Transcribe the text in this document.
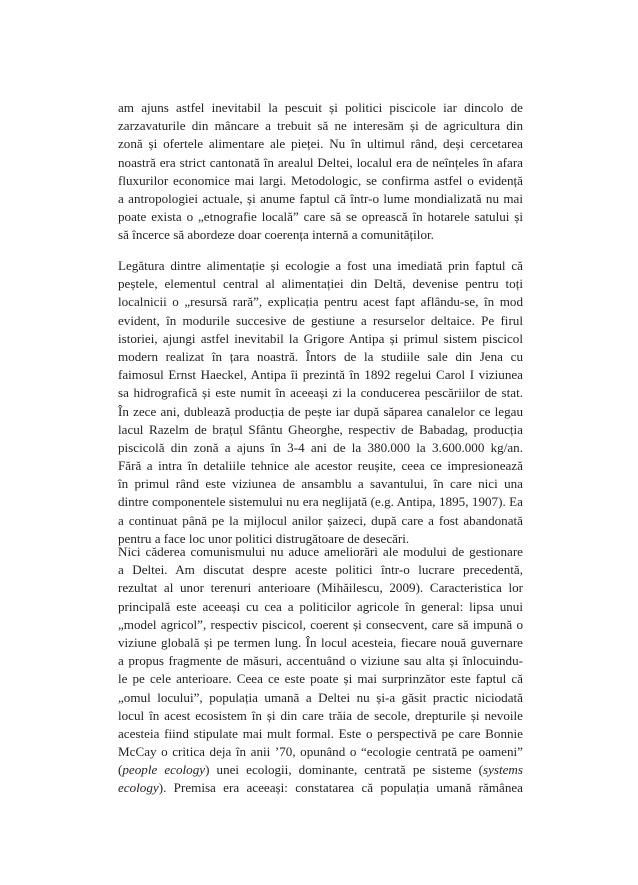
am ajuns astfel inevitabil la pescuit și politici piscicole iar dincolo de
zarzavaturile din mâncare a trebuit să ne interesăm și de agricultura din
zonă și ofertele alimentare ale pieței. Nu în ultimul rând, deși cercetarea
noastră era strict cantonată în arealul Deltei, localul era de neînțeles în afara
fluxurilor economice mai largi. Metodologic, se confirma astfel o evidență
a antropologiei actuale, și anume faptul că într-o lume mondializată nu mai
poate exista o „etnografie locală” care să se oprească în hotarele satului și
să încerce să abordeze doar coerența internă a comunităților.
Legătura dintre alimentație și ecologie a fost una imediată prin faptul că
peștele, elementul central al alimentației din Deltă, devenise pentru toți
localnicii o „resursă rară”, explicația pentru acest fapt aflându-se, în mod
evident, în modurile succesive de gestiune a resurselor deltaice. Pe firul
istoriei, ajungi astfel inevitabil la Grigore Antipa și primul sistem piscicol
modern realizat în țara noastră. Întors de la studiile sale din Jena cu
faimosul Ernst Haeckel, Antipa îi prezintă în 1892 regelui Carol I viziunea
sa hidrografică și este numit în aceeași zi la conducerea pescăriilor de stat.
În zece ani, dublează producția de pește iar după săparea canalelor ce legau
lacul Razelm de brațul Sfântu Gheorghe, respectiv de Babadag, producția
piscicolă din zonă a ajuns în 3-4 ani de la 380.000 la 3.600.000 kg/an.
Fără a intra în detaliile tehnice ale acestor reușite, ceea ce impresionează
în primul rând este viziunea de ansamblu a savantului, în care nici una
dintre componentele sistemului nu era neglijată (e.g. Antipa, 1895, 1907). Ea
a continuat până pe la mijlocul anilor șaizeci, după care a fost abandonată
pentru a face loc unor politici distrugătoare de desecări.
Nici căderea comunismului nu aduce ameliorări ale modului de gestionare
a Deltei. Am discutat despre aceste politici într-o lucrare precedentă,
rezultat al unor terenuri anterioare (Mihăilescu, 2009). Caracteristica lor
principală este aceeași cu cea a politicilor agricole în general: lipsa unui
„model agricol”, respectiv piscicol, coerent și consecvent, care să impună o
viziune globală și pe termen lung. În locul acesteia, fiecare nouă guvernare
a propus fragmente de măsuri, accentuând o viziune sau alta și înlocuindu-
le pe cele anterioare. Ceea ce este poate și mai surprinzător este faptul că
„omul locului”, populația umană a Deltei nu și-a găsit practic niciodată
locul în acest ecosistem în și din care trăia de secole, drepturile și nevoile
acesteia fiind stipulate mai mult formal. Este o perspectivă pe care Bonnie
McCay o critica deja în anii ’70, opunând o “ecologie centrată pe oameni”
(people ecology) unei ecologii, dominante, centrată pe sisteme (systems
ecology). Premisa era aceeași: constatarea că populația umană rămânea
